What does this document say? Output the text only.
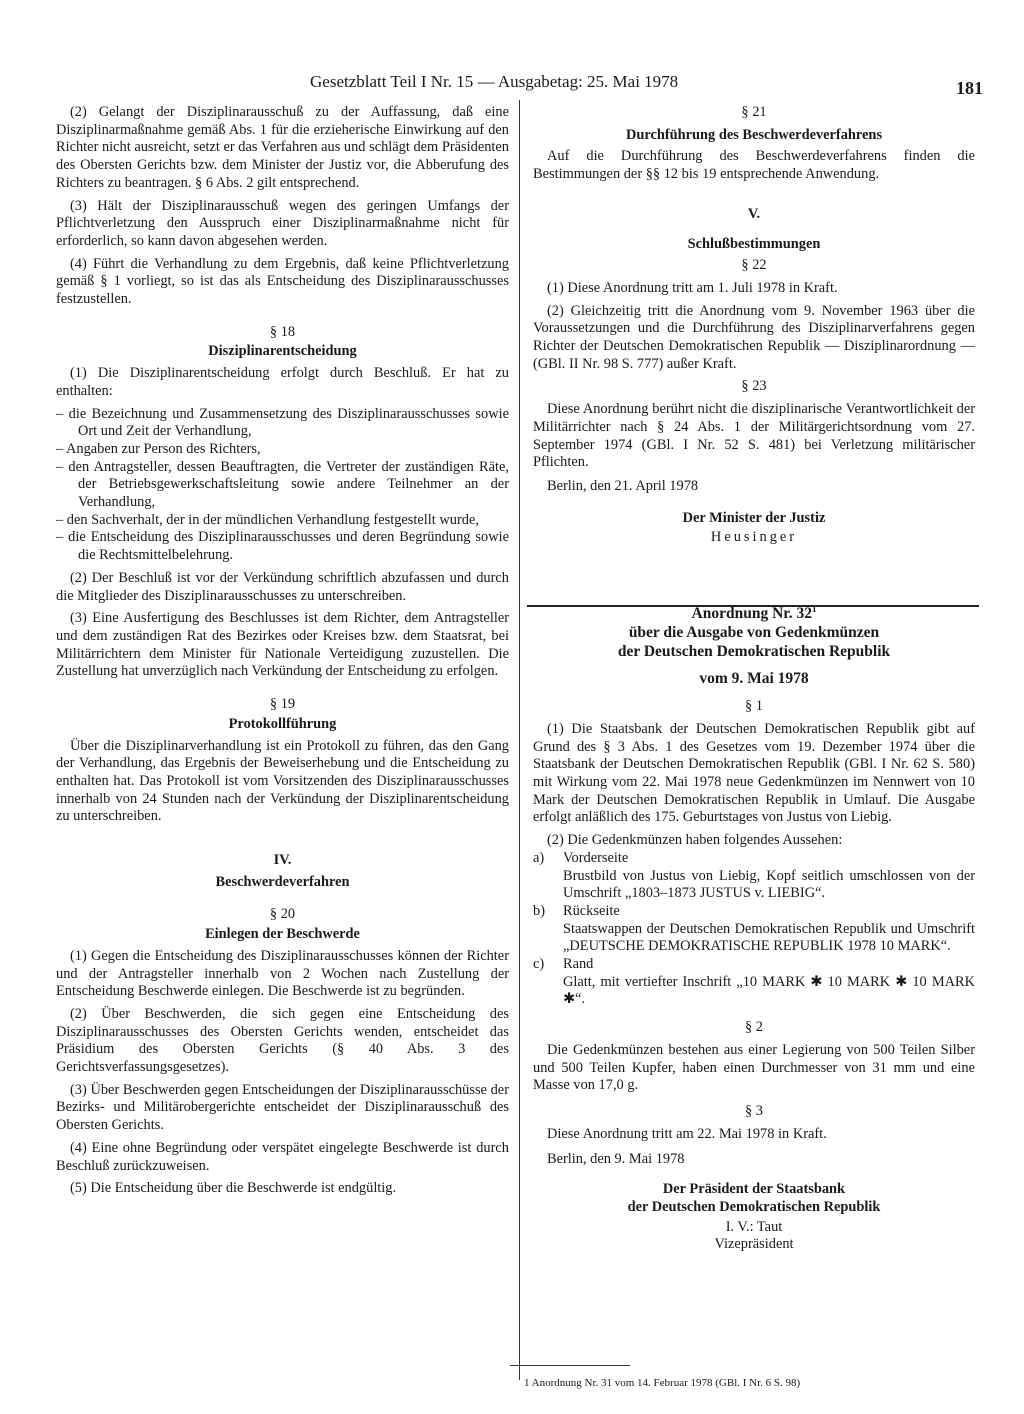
Gesetzblatt Teil I Nr. 15 — Ausgabetag: 25. Mai 1978	181

(2) Gelangt der Disziplinarausschuß zu der Auffassung, daß eine Disziplinarmaßnahme gemäß Abs. 1 für die erzieherische Einwirkung auf den Richter nicht ausreicht, setzt er das Verfahren aus und schlägt dem Präsidenten des Obersten Gerichts bzw. dem Minister der Justiz vor, die Abberufung des Richters zu beantragen. § 6 Abs. 2 gilt entsprechend.

(3) Hält der Disziplinarausschuß wegen des geringen Umfangs der Pflichtverletzung den Ausspruch einer Disziplinarmaßnahme nicht für erforderlich, so kann davon abgesehen werden.

(4) Führt die Verhandlung zu dem Ergebnis, daß keine Pflichtverletzung gemäß § 1 vorliegt, so ist das als Entscheidung des Disziplinarausschusses festzustellen.

§ 18

Disziplinarentscheidung

(1) Die Disziplinarentscheidung erfolgt durch Beschluß. Er hat zu enthalten:

– die Bezeichnung und Zusammensetzung des Disziplinarausschusses sowie Ort und Zeit der Verhandlung,

– Angaben zur Person des Richters,

– den Antragsteller, dessen Beauftragten, die Vertreter der zuständigen Räte, der Betriebsgewerkschaftsleitung sowie andere Teilnehmer an der Verhandlung,

– den Sachverhalt, der in der mündlichen Verhandlung festgestellt wurde,

– die Entscheidung des Disziplinarausschusses und deren Begründung sowie die Rechtsmittelbelehrung.

(2) Der Beschluß ist vor der Verkündung schriftlich abzufassen und durch die Mitglieder des Disziplinarausschusses zu unterschreiben.

(3) Eine Ausfertigung des Beschlusses ist dem Richter, dem Antragsteller und dem zuständigen Rat des Bezirkes oder Kreises bzw. dem Staatsrat, bei Militärrichtern dem Minister für Nationale Verteidigung zuzustellen. Die Zustellung hat unverzüglich nach Verkündung der Entscheidung zu erfolgen.

§ 19

Protokollführung

Über die Disziplinarverhandlung ist ein Protokoll zu führen, das den Gang der Verhandlung, das Ergebnis der Beweiserhebung und die Entscheidung zu enthalten hat. Das Protokoll ist vom Vorsitzenden des Disziplinarausschusses innerhalb von 24 Stunden nach der Verkündung der Disziplinarentscheidung zu unterschreiben.

IV.

Beschwerdeverfahren

§ 20

Einlegen der Beschwerde

(1) Gegen die Entscheidung des Disziplinarausschusses können der Richter und der Antragsteller innerhalb von 2 Wochen nach Zustellung der Entscheidung Beschwerde einlegen. Die Beschwerde ist zu begründen.

(2) Über Beschwerden, die sich gegen eine Entscheidung des Disziplinarausschusses des Obersten Gerichts wenden, entscheidet das Präsidium des Obersten Gerichts (§ 40 Abs. 3 des Gerichtsverfassungsgesetzes).

(3) Über Beschwerden gegen Entscheidungen der Disziplinarausschüsse der Bezirks- und Militärobergerichte entscheidet der Disziplinarausschuß des Obersten Gerichts.

(4) Eine ohne Begründung oder verspätet eingelegte Beschwerde ist durch Beschluß zurückzuweisen.

(5) Die Entscheidung über die Beschwerde ist endgültig.

§ 21

Durchführung des Beschwerdeverfahrens

Auf die Durchführung des Beschwerdeverfahrens finden die Bestimmungen der §§ 12 bis 19 entsprechende Anwendung.

V.

Schlußbestimmungen

§ 22

(1) Diese Anordnung tritt am 1. Juli 1978 in Kraft.

(2) Gleichzeitig tritt die Anordnung vom 9. November 1963 über die Voraussetzungen und die Durchführung des Disziplinarverfahrens gegen Richter der Deutschen Demokratischen Republik — Disziplinarordnung — (GBl. II Nr. 98 S. 777) außer Kraft.

§ 23

Diese Anordnung berührt nicht die disziplinarische Verantwortlichkeit der Militärrichter nach § 24 Abs. 1 der Militärgerichtsordnung vom 27. September 1974 (GBl. I Nr. 52 S. 481) bei Verletzung militärischer Pflichten.

Berlin, den 21. April 1978

Der Minister der Justiz

Heusinger

Anordnung Nr. $32^1$

über die Ausgabe von Gedenkmünzen

der Deutschen Demokratischen Republik

vom 9. Mai 1978

§ 1

(1) Die Staatsbank der Deutschen Demokratischen Republik gibt auf Grund des § 3 Abs. 1 des Gesetzes vom 19. Dezember 1974 über die Staatsbank der Deutschen Demokratischen Republik (GBl. I Nr. 62 S. 580) mit Wirkung vom 22. Mai 1978 neue Gedenkmünzen im Nennwert von 10 Mark der Deutschen Demokratischen Republik in Umlauf. Die Ausgabe erfolgt anläßlich des 175. Geburtstages von Justus von Liebig.

(2) Die Gedenkmünzen haben folgendes Aussehen:

a)	Vorderseite
Brustbild von Justus von Liebig, Kopf seitlich umschlossen von der Umschrift „1803–1873 JUSTUS v. LIEBIG“.
b)	Rückseite
Staatswappen der Deutschen Demokratischen Republik und Umschrift „DEUTSCHE DEMOKRATISCHE REPUBLIK 1978 10 MARK“.
c)	Rand
Glatt, mit vertiefter Inschrift „10 MARK ✱ 10 MARK ✱ 10 MARK ✱“.

§ 2

Die Gedenkmünzen bestehen aus einer Legierung von 500 Teilen Silber und 500 Teilen Kupfer, haben einen Durchmesser von 31 mm und eine Masse von 17,0 g.

§ 3

Diese Anordnung tritt am 22. Mai 1978 in Kraft.

Berlin, den 9. Mai 1978

Der Präsident der Staatsbank

der Deutschen Demokratischen Republik

I. V.: Taut

Vizepräsident

1 Anordnung Nr. 31 vom 14. Februar 1978 (GBl. I Nr. 6 S. 98)
